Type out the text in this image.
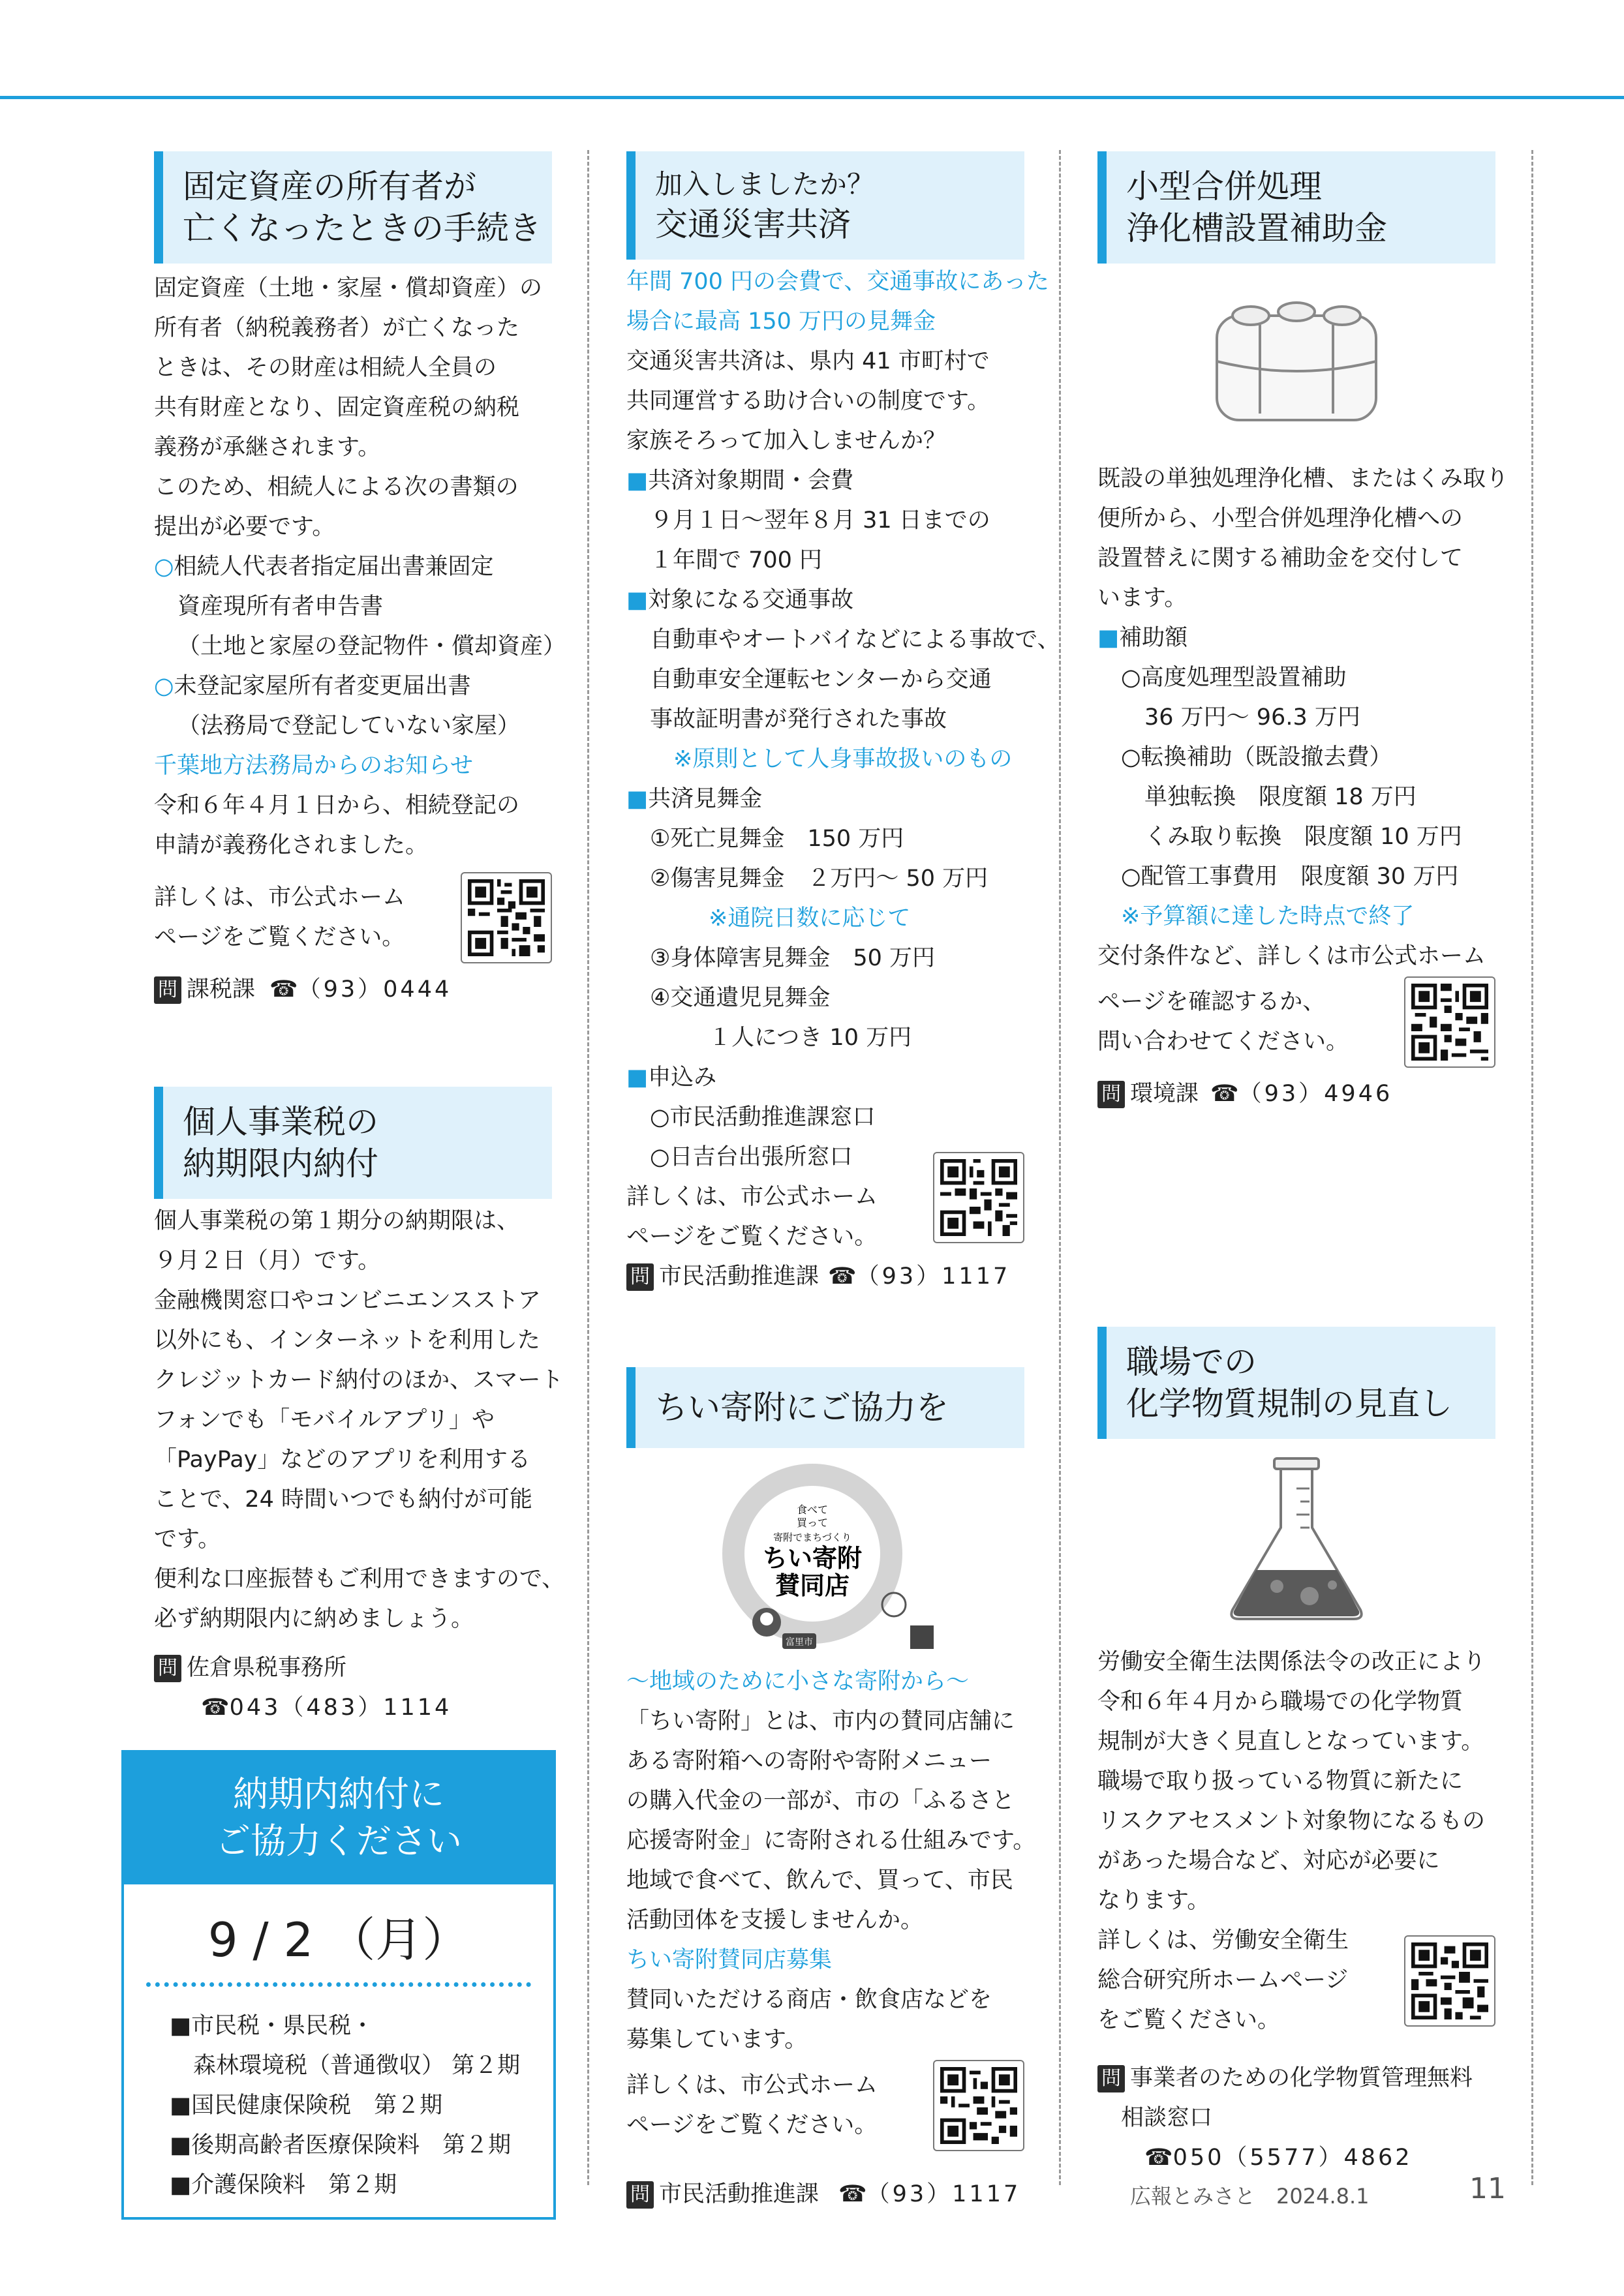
固定資産の所有者が
亡くなったときの手続き

固定資産（土地・家屋・償却資産）の

所有者（納税義務者）が亡くなった

ときは、その財産は相続人全員の

共有財産となり、固定資産税の納税

義務が承継されます。

このため、相続人による次の書類の

提出が必要です。

○相続人代表者指定届出書兼固定

資産現所有者申告書

（土地と家屋の登記物件・償却資産）

○未登記家屋所有者変更届出書

（法務局で登記していない家屋）

千葉地方法務局からのお知らせ

令和６年４月１日から、相続登記の

申請が義務化されました。

詳しくは、市公式ホーム

ページをご覧ください。

問 課税課 ☎ （93）0444
個人事業税の
納期限内納付

個人事業税の第１期分の納期限は、

９月２日（月）です。

金融機関窓口やコンビニエンスストア

以外にも、インターネットを利用した

クレジットカード納付のほか、スマート

フォンでも「モバイルアプリ」や

「PayPay」などのアプリを利用する

ことで、24 時間いつでも納付が可能

です。

便利な口座振替もご利用できますので、

必ず納期限内に納めましょう。

問 佐倉県税事務所
☎ 043（483）1114
納期内納付に
ご協力ください
9 / 2 （月）

■市民税・県民税・

森林環境税（普通徴収） 第２期

■国民健康保険税　第２期

■後期高齢者医療保険料　第２期

■介護保険料　第２期

加入しましたか？
交通災害共済

年間 700 円の会費で、交通事故にあった

場合に最高 150 万円の見舞金

交通災害共済は、県内 41 市町村で

共同運営する助け合いの制度です。

家族そろって加入しませんか？

■共済対象期間・会費

９月１日〜翌年８月 31 日までの

１年間で 700 円

■対象になる交通事故

自動車やオートバイなどによる事故で、

自動車安全運転センターから交通

事故証明書が発行された事故

※原則として人身事故扱いのもの

■共済見舞金

①死亡見舞金　150 万円

②傷害見舞金　２万円〜 50 万円

※通院日数に応じて

③身体障害見舞金　50 万円

④交通遺児見舞金

１人につき 10 万円

■申込み

○市民活動推進課窓口

○日吉台出張所窓口

詳しくは、市公式ホーム

ページをご覧ください。

問 市民活動推進課 ☎ （93）1117
ちい寄附にご協力を
食べて
買って
寄附でまちづくり
ちい寄附
賛同店
富里市

〜地域のために小さな寄附から〜

「ちい寄附」とは、市内の賛同店舗に

ある寄附箱への寄附や寄附メニュー

の購入代金の一部が、市の「ふるさと

応援寄附金」に寄附される仕組みです。

地域で食べて、飲んで、買って、市民

活動団体を支援しませんか。

ちい寄附賛同店募集

賛同いただける商店・飲食店などを

募集しています。

詳しくは、市公式ホーム

ページをご覧ください。

問 市民活動推進課 ☎ （93）1117
小型合併処理
浄化槽設置補助金

既設の単独処理浄化槽、またはくみ取り

便所から、小型合併処理浄化槽への

設置替えに関する補助金を交付して

います。

■補助額

○高度処理型設置補助

36 万円〜 96.3 万円

○転換補助（既設撤去費）

単独転換　限度額 18 万円

くみ取り転換　限度額 10 万円

○配管工事費用　限度額 30 万円

※予算額に達した時点で終了

交付条件など、詳しくは市公式ホーム

ページを確認するか、

問い合わせてください。

問 環境課 ☎ （93）4946
職場での
化学物質規制の見直し

労働安全衛生法関係法令の改正により

令和６年４月から職場での化学物質

規制が大きく見直しとなっています。

職場で取り扱っている物質に新たに

リスクアセスメント対象物になるもの

があった場合など、対応が必要に

なります。

詳しくは、労働安全衛生

総合研究所ホームページ

をご覧ください。

問 事業者のための化学物質管理無料

相談窓口

☎ 050（5577）4862
広報とみさと　2024.8.1	11
